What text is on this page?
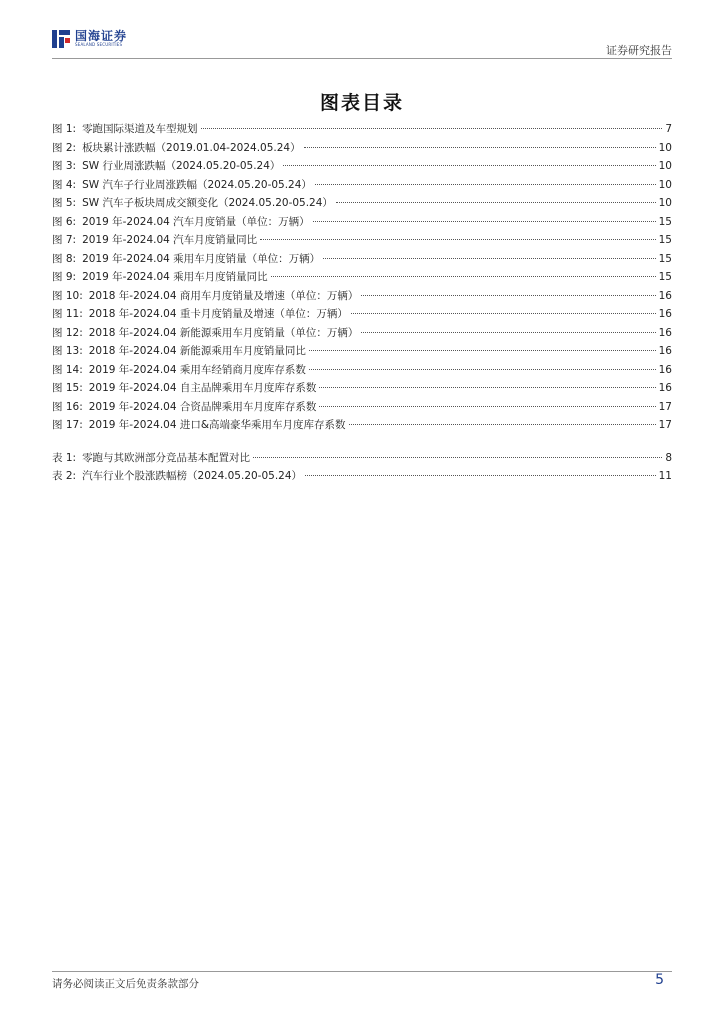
国海证券
SEALAND SECURITIES	证券研究报告
图表目录
图 1: 零跑国际渠道及车型规划	7
图 2: 板块累计涨跌幅（2019.01.04-2024.05.24）	10
图 3: SW 行业周涨跌幅（2024.05.20-05.24）	10
图 4: SW 汽车子行业周涨跌幅（2024.05.20-05.24）	10
图 5: SW 汽车子板块周成交额变化（2024.05.20-05.24）	10
图 6: 2019 年-2024.04 汽车月度销量（单位：万辆）	15
图 7: 2019 年-2024.04 汽车月度销量同比	15
图 8: 2019 年-2024.04 乘用车月度销量（单位：万辆）	15
图 9: 2019 年-2024.04 乘用车月度销量同比	15
图 10: 2018 年-2024.04 商用车月度销量及增速（单位：万辆）	16
图 11: 2018 年-2024.04 重卡月度销量及增速（单位：万辆）	16
图 12: 2018 年-2024.04 新能源乘用车月度销量（单位：万辆）	16
图 13: 2018 年-2024.04 新能源乘用车月度销量同比	16
图 14: 2019 年-2024.04 乘用车经销商月度库存系数	16
图 15: 2019 年-2024.04 自主品牌乘用车月度库存系数	16
图 16: 2019 年-2024.04 合资品牌乘用车月度库存系数	17
图 17: 2019 年-2024.04 进口&高端豪华乘用车月度库存系数	17
表 1: 零跑与其欧洲部分竞品基本配置对比	8
表 2: 汽车行业个股涨跌幅榜（2024.05.20-05.24）	11
请务必阅读正文后免责条款部分	5
